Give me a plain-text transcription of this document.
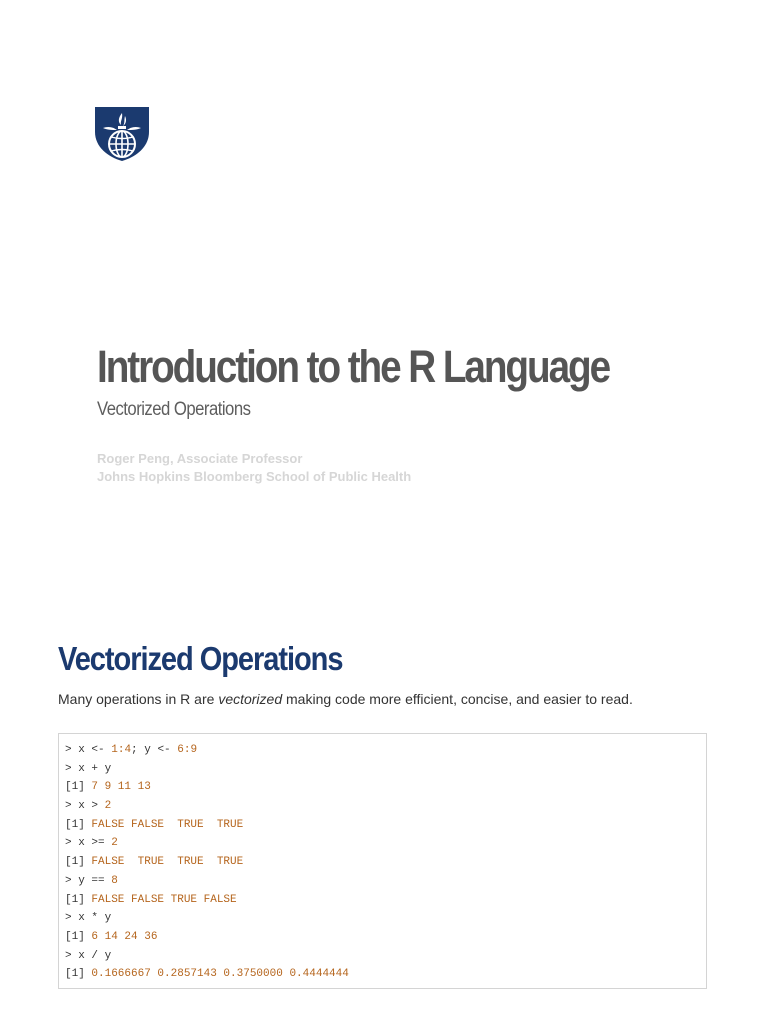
Introduction to the R Language
Vectorized Operations
Roger Peng, Associate Professor
Johns Hopkins Bloomberg School of Public Health
Vectorized Operations

Many operations in R are vectorized making code more efficient, concise, and easier to read.

> x <- 1:4; y <- 6:9
> x + y
[1] 7 9 11 13
> x > 2
[1] FALSE FALSE  TRUE  TRUE
> x >= 2
[1] FALSE  TRUE  TRUE  TRUE
> y == 8
[1] FALSE FALSE TRUE FALSE
> x * y
[1] 6 14 24 36
> x / y
[1] 0.1666667 0.2857143 0.3750000 0.4444444
